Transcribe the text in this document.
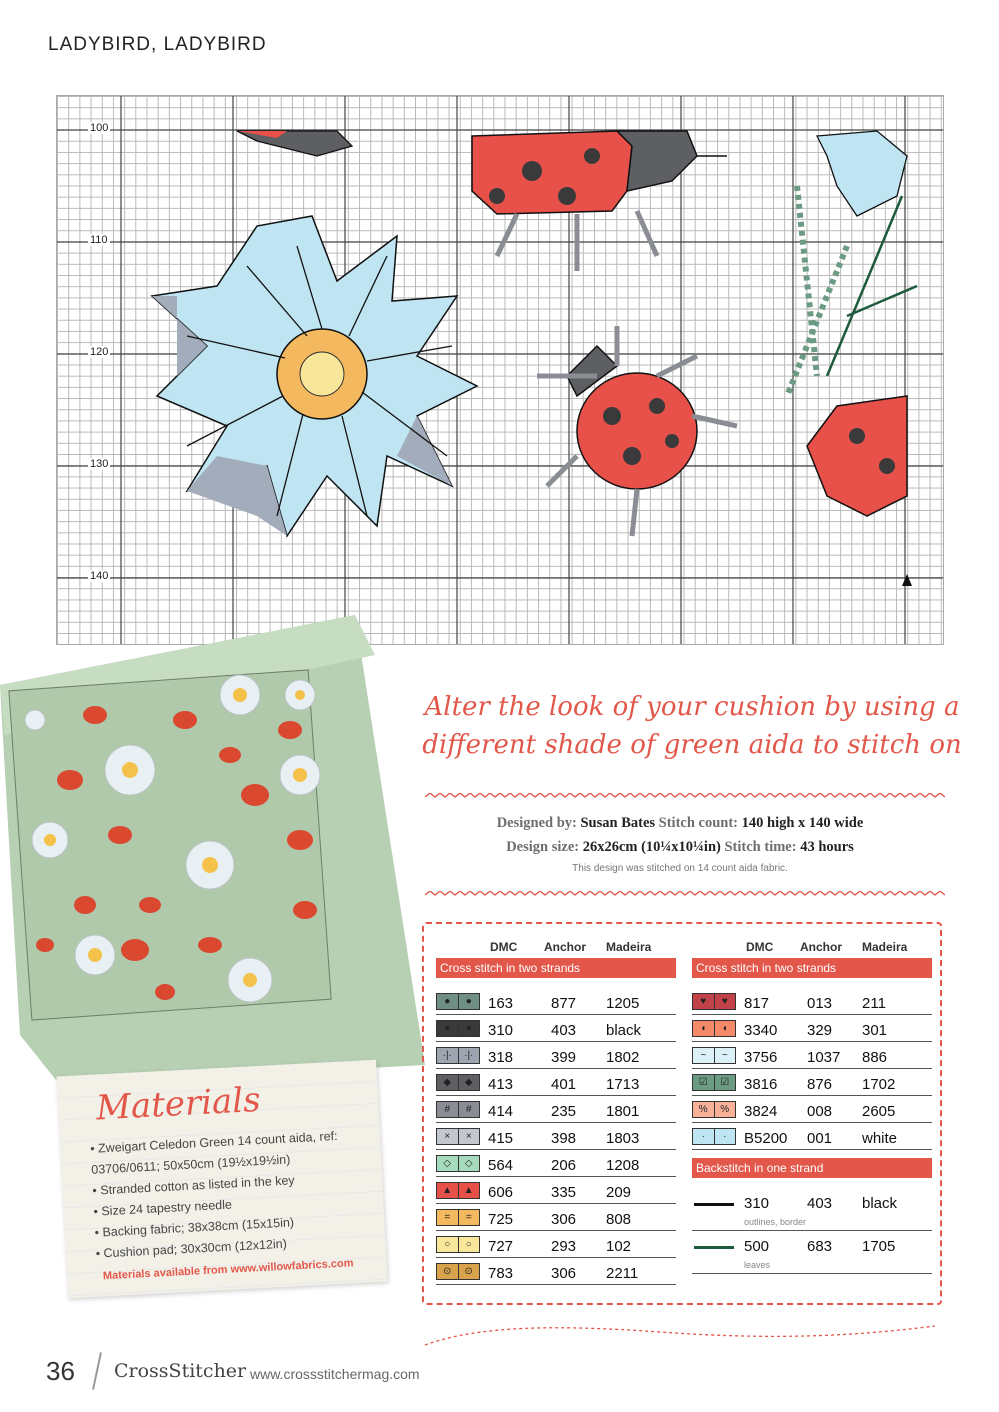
LADYBIRD, LADYBIRD
100
110
120
130
140
Alter the look of your cushion by using a
different shade of green aida to stitch on
Designed by: Susan Bates Stitch count: 140 high x 140 wide
Design size: 26x26cm (10¼x10¼in) Stitch time: 43 hours
This design was stitched on 14 count aida fabric.
DMC Anchor Madeira
Cross stitch in two strands
●	●	163	877 1205
●	●	310	403 black
·|·	·|· 318	399 1802
◆	◆	413	401 1713
#	#	414	235 1801
×	×	415	398 1803
◇	◇	564	206 1208
▲	▲ 606	335 209
=	=	725	306 808
○	○	727	293 102
⊙	⊙	783	306 2211
DMC Anchor Madeira
Cross stitch in two strands
♥	♥	817	013 211
◖	◖	3340 329 301
~	~	3756 1037 886
☑	☑ 3816 876 1702
%	% 3824 008 2605
·	·	B5200 001 white
Backstitch in one strand
310	403 black
outlines, border
500	683 1705
leaves
Materials
• Zweigart Celedon Green 14 count aida, ref: 03706/0611; 50x50cm (19½x19½in)
• Stranded cotton as listed in the key
• Size 24 tapestry needle
• Backing fabric; 38x38cm (15x15in)
• Cushion pad; 30x30cm (12x12in)
Materials available from www.willowfabrics.com
36 CrossStitcher www.crossstitchermag.com
